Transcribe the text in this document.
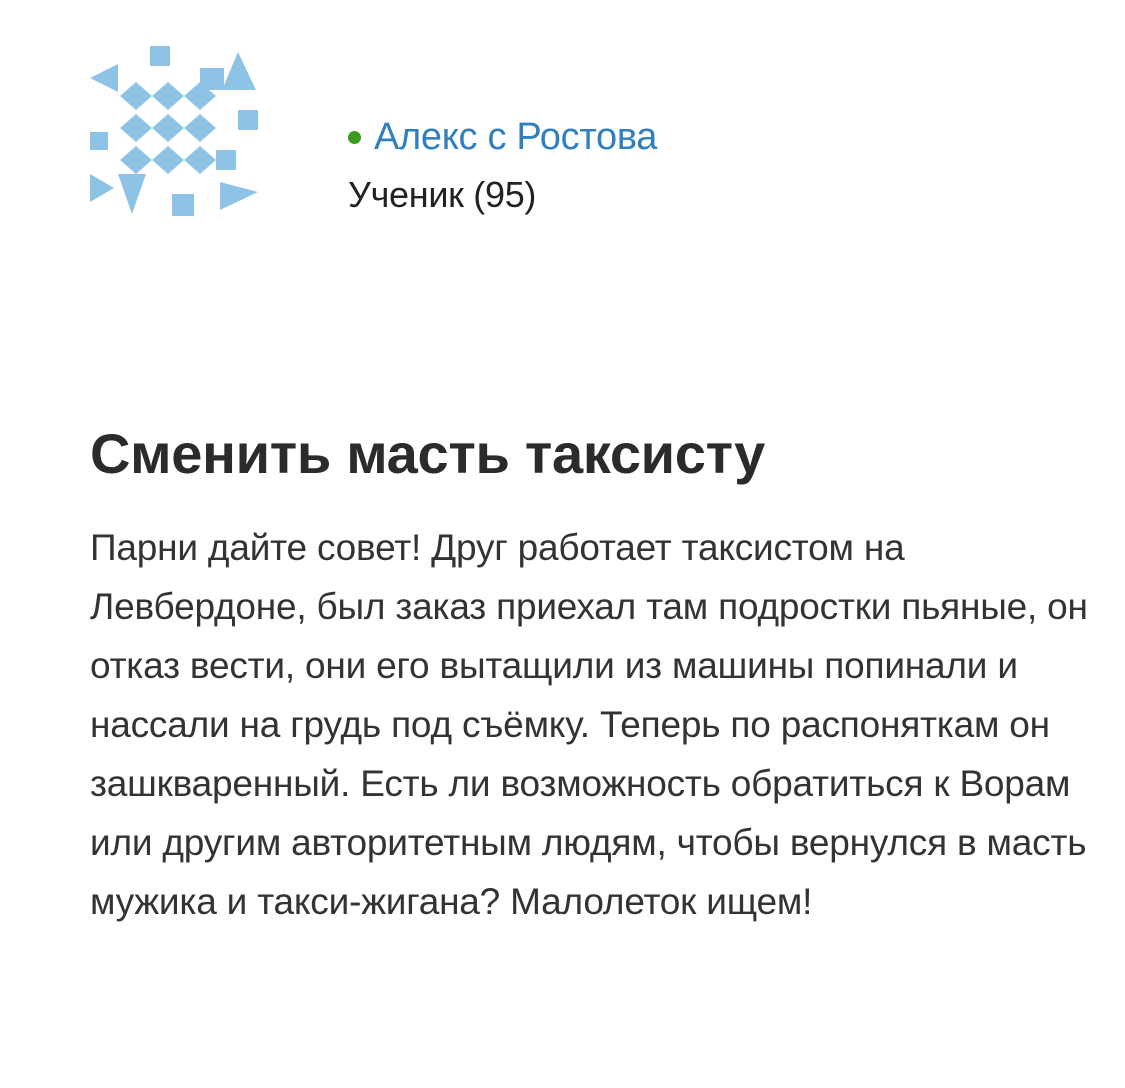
Алекс с Ростова
Ученик (95)
Сменить масть таксисту

Парни дайте совет! Друг работает таксистом на Левбердоне, был заказ приехал там подростки пьяные, он отказ вести, они его вытащили из машины попинали и нассали на грудь под съёмку. Теперь по распоняткам он зашкваренный. Есть ли возможность обратиться к Ворам или другим авторитетным людям, чтобы вернулся в масть мужика и такси-жигана? Малолеток ищем!
